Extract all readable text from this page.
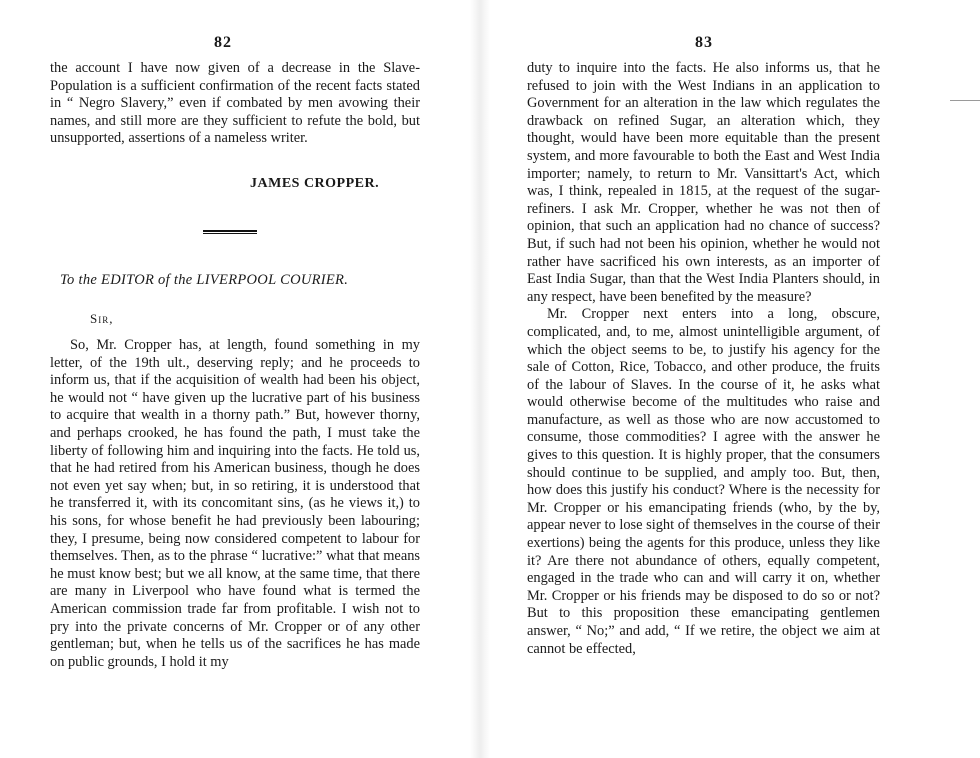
82

the account I have now given of a decrease in the Slave-Population is a sufficient confirmation of the recent facts stated in “ Negro Slavery,” even if combated by men avowing their names, and still more are they sufficient to refute the bold, but unsupported, assertions of a nameless writer.

JAMES CROPPER.
To the EDITOR of the LIVERPOOL COURIER.
Sir,

So, Mr. Cropper has, at length, found something in my letter, of the 19th ult., deserving reply; and he proceeds to inform us, that if the acquisition of wealth had been his object, he would not “ have given up the lucrative part of his business to acquire that wealth in a thorny path.” But, however thorny, and perhaps crooked, he has found the path, I must take the liberty of following him and inquiring into the facts. He told us, that he had retired from his American business, though he does not even yet say when; but, in so retiring, it is understood that he transferred it, with its concomitant sins, (as he views it,) to his sons, for whose benefit he had previously been labouring; they, I presume, being now considered competent to labour for themselves. Then, as to the phrase “ lucrative:” what that means he must know best; but we all know, at the same time, that there are many in Liverpool who have found what is termed the American commission trade far from profitable. I wish not to pry into the private concerns of Mr. Cropper or of any other gentleman; but, when he tells us of the sacrifices he has made on public grounds, I hold it my

83

duty to inquire into the facts. He also informs us, that he refused to join with the West Indians in an application to Government for an alteration in the law which regulates the drawback on refined Sugar, an alteration which, they thought, would have been more equitable than the present system, and more favourable to both the East and West India importer; namely, to return to Mr. Vansittart's Act, which was, I think, repealed in 1815, at the request of the sugar-refiners. I ask Mr. Cropper, whether he was not then of opinion, that such an application had no chance of success? But, if such had not been his opinion, whether he would not rather have sacrificed his own interests, as an importer of East India Sugar, than that the West India Planters should, in any respect, have been benefited by the measure?

Mr. Cropper next enters into a long, obscure, complicated, and, to me, almost unintelligible argument, of which the object seems to be, to justify his agency for the sale of Cotton, Rice, Tobacco, and other produce, the fruits of the labour of Slaves. In the course of it, he asks what would otherwise become of the multitudes who raise and manufacture, as well as those who are now accustomed to consume, those commodities? I agree with the answer he gives to this question. It is highly proper, that the consumers should continue to be supplied, and amply too. But, then, how does this justify his conduct? Where is the necessity for Mr. Cropper or his emancipating friends (who, by the by, appear never to lose sight of themselves in the course of their exertions) being the agents for this produce, unless they like it? Are there not abundance of others, equally competent, engaged in the trade who can and will carry it on, whether Mr. Cropper or his friends may be disposed to do so or not? But to this proposition these emancipating gentlemen answer, “ No;” and add, “ If we retire, the object we aim at cannot be effected,
